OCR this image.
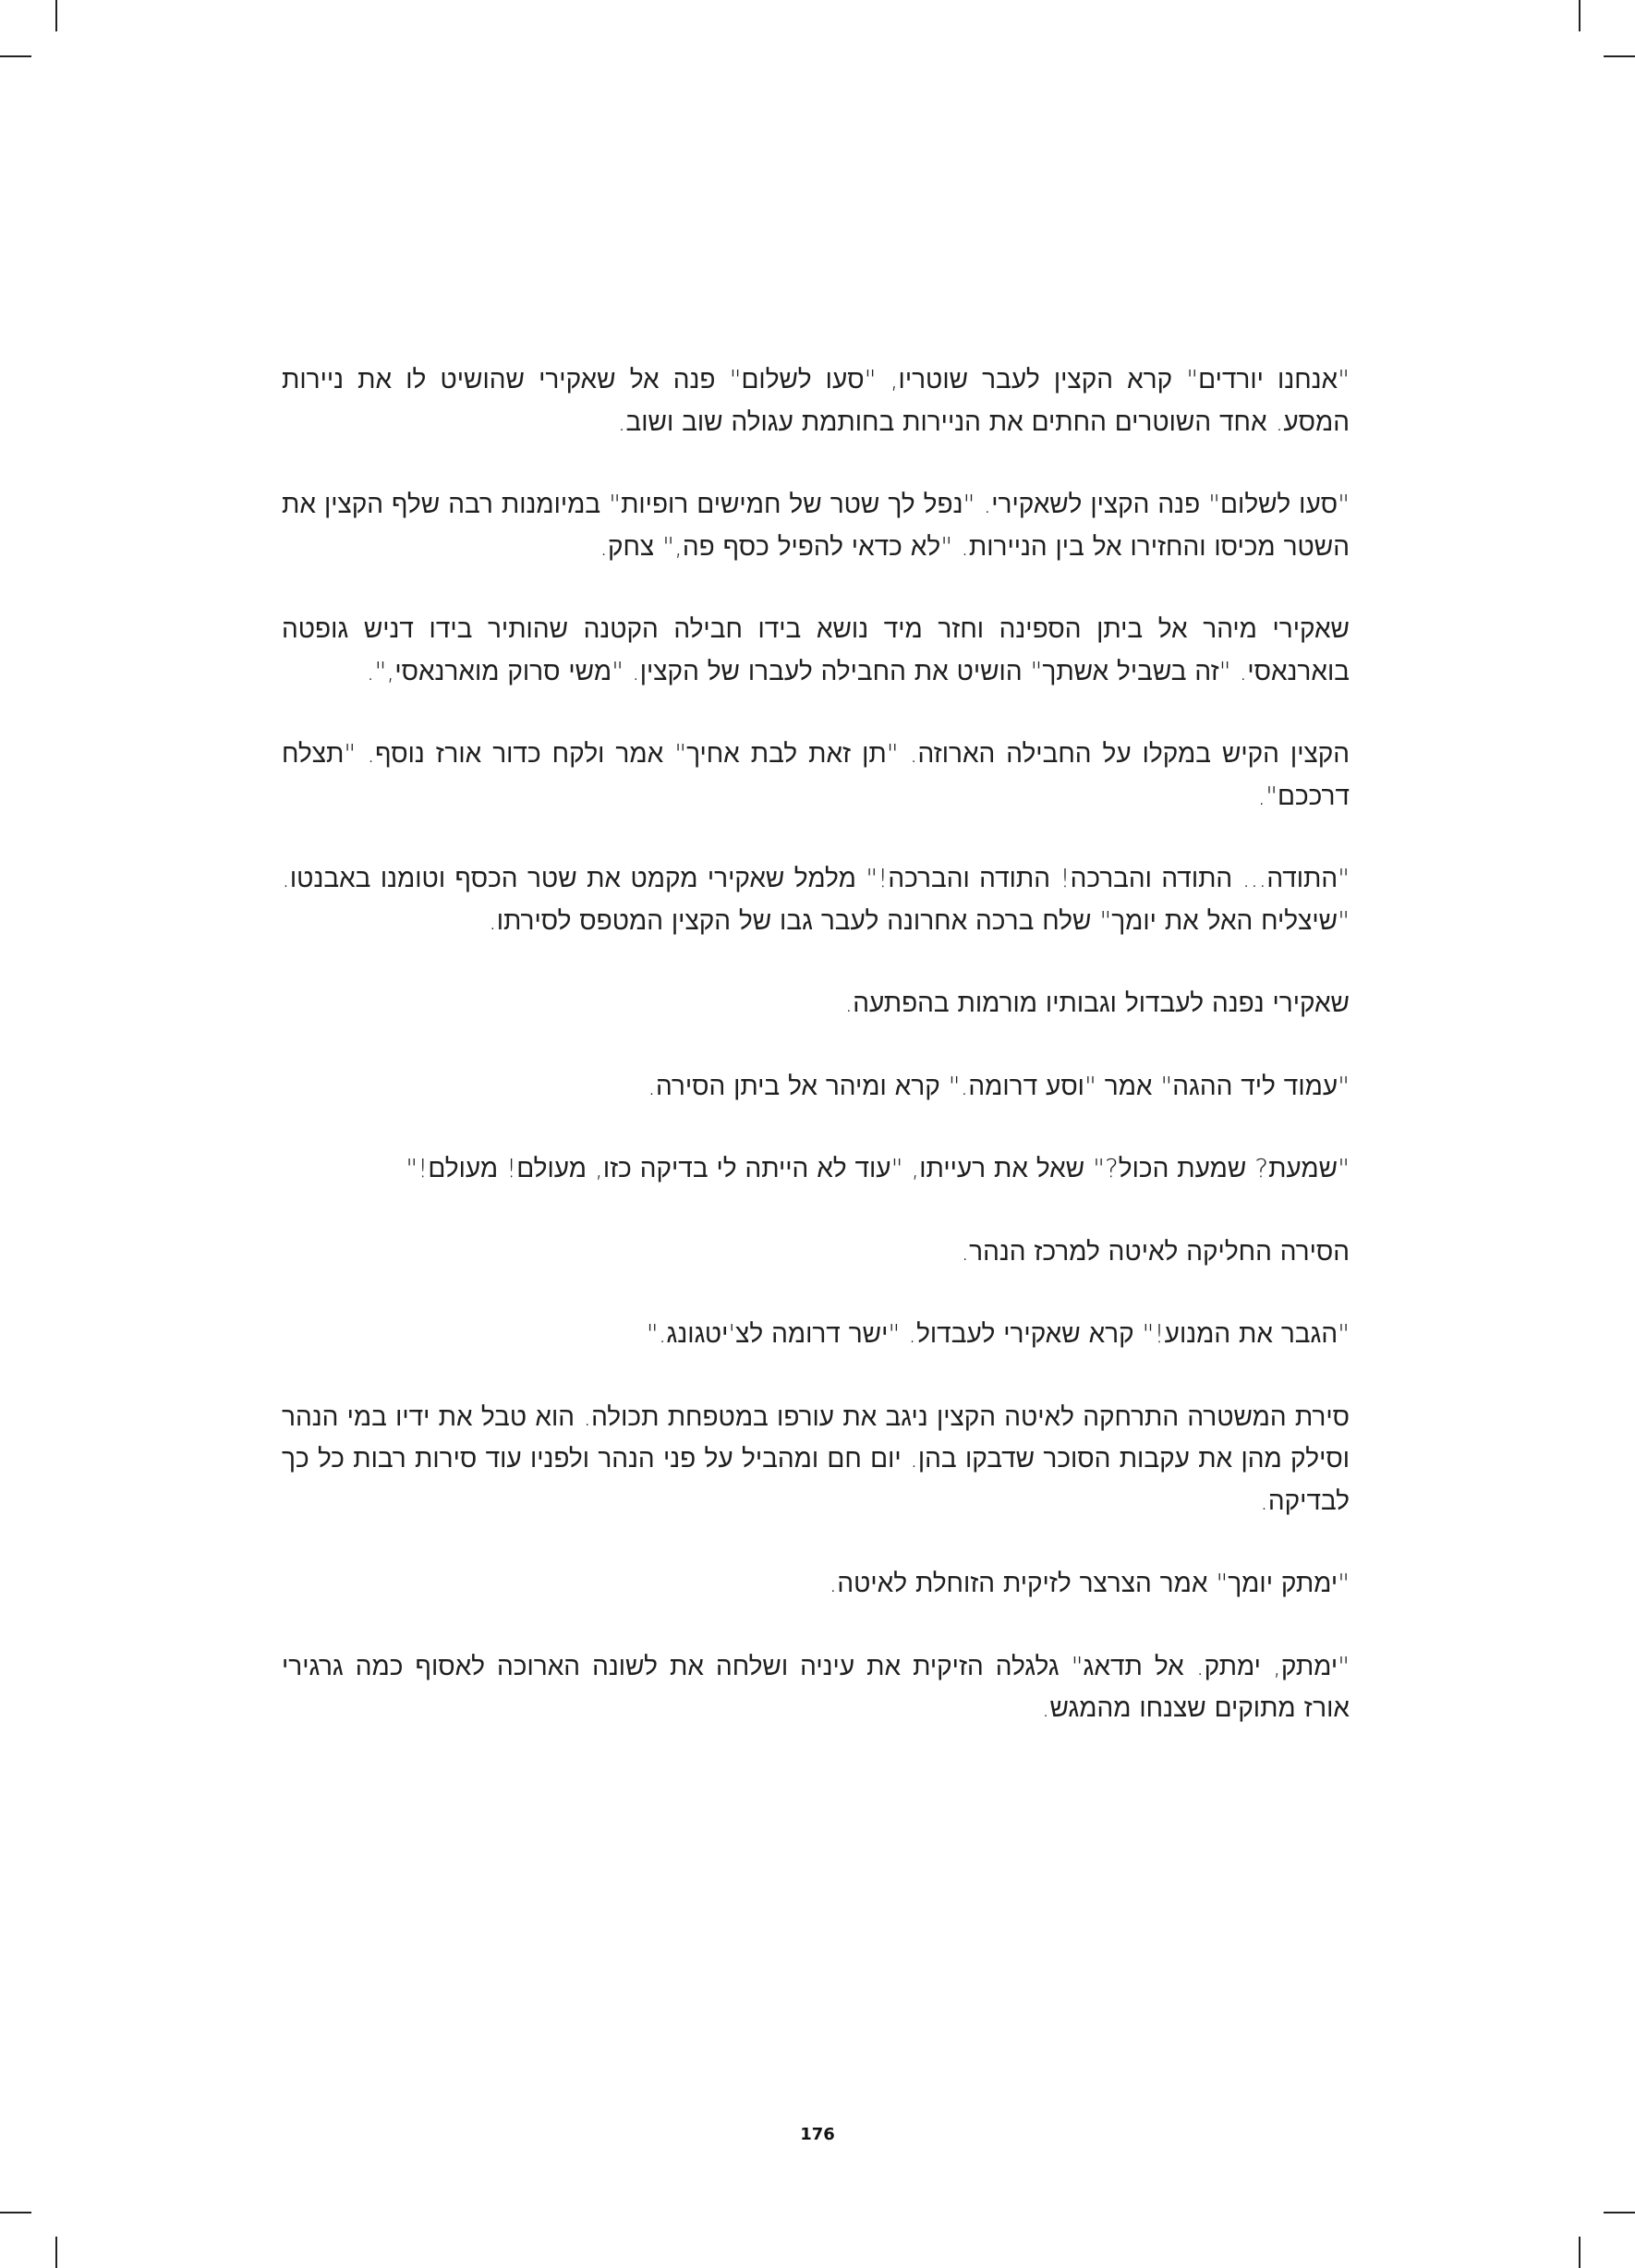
"אנחנו יורדים" קרא הקצין לעבר שוטריו, "סעו לשלום" פנה אל שאקירי שהושיט לו את ניירות המסע. אחד השוטרים החתים את הניירות בחותמת עגולה שוב ושוב.

"סעו לשלום" פנה הקצין לשאקירי. "נפל לך שטר של חמישים רופיות" במיומנות רבה שלף הקצין את השטר מכיסו והחזירו אל בין הניירות. "לא כדאי להפיל כסף פה," צחק.

שאקירי מיהר אל ביתן הספינה וחזר מיד נושא בידו חבילה הקטנה שהותיר בידו דניש גופטה בוארנאסי. "זה בשביל אשתך" הושיט את החבילה לעברו של הקצין. "משי סרוק מוארנאסי,".

הקצין הקיש במקלו על החבילה הארוזה. "תן זאת לבת אחיך" אמר ולקח כדור אורז נוסף. "תצלח דרככם".

"התודה... התודה והברכה! התודה והברכה!" מלמל שאקירי מקמט את שטר הכסף וטומנו באבנטו. "שיצליח האל את יומך" שלח ברכה אחרונה לעבר גבו של הקצין המטפס לסירתו.

שאקירי נפנה לעבדול וגבותיו מורמות בהפתעה.

"עמוד ליד ההגה" אמר "וסע דרומה." קרא ומיהר אל ביתן הסירה.

"שמעת? שמעת הכול?" שאל את רעייתו, "עוד לא הייתה לי בדיקה כזו, מעולם! מעולם!"

הסירה החליקה לאיטה למרכז הנהר.

"הגבר את המנוע!" קרא שאקירי לעבדול. "ישר דרומה לצ'יטגונג."

סירת המשטרה התרחקה לאיטה הקצין ניגב את עורפו במטפחת תכולה. הוא טבל את ידיו במי הנהר וסילק מהן את עקבות הסוכר שדבקו בהן. יום חם ומהביל על פני הנהר ולפניו עוד סירות רבות כל כך לבדיקה.

"ימתק יומך" אמר הצרצר לזיקית הזוחלת לאיטה.

"ימתק, ימתק. אל תדאג" גלגלה הזיקית את עיניה ושלחה את לשונה הארוכה לאסוף כמה גרגירי אורז מתוקים שצנחו מהמגש.

176
